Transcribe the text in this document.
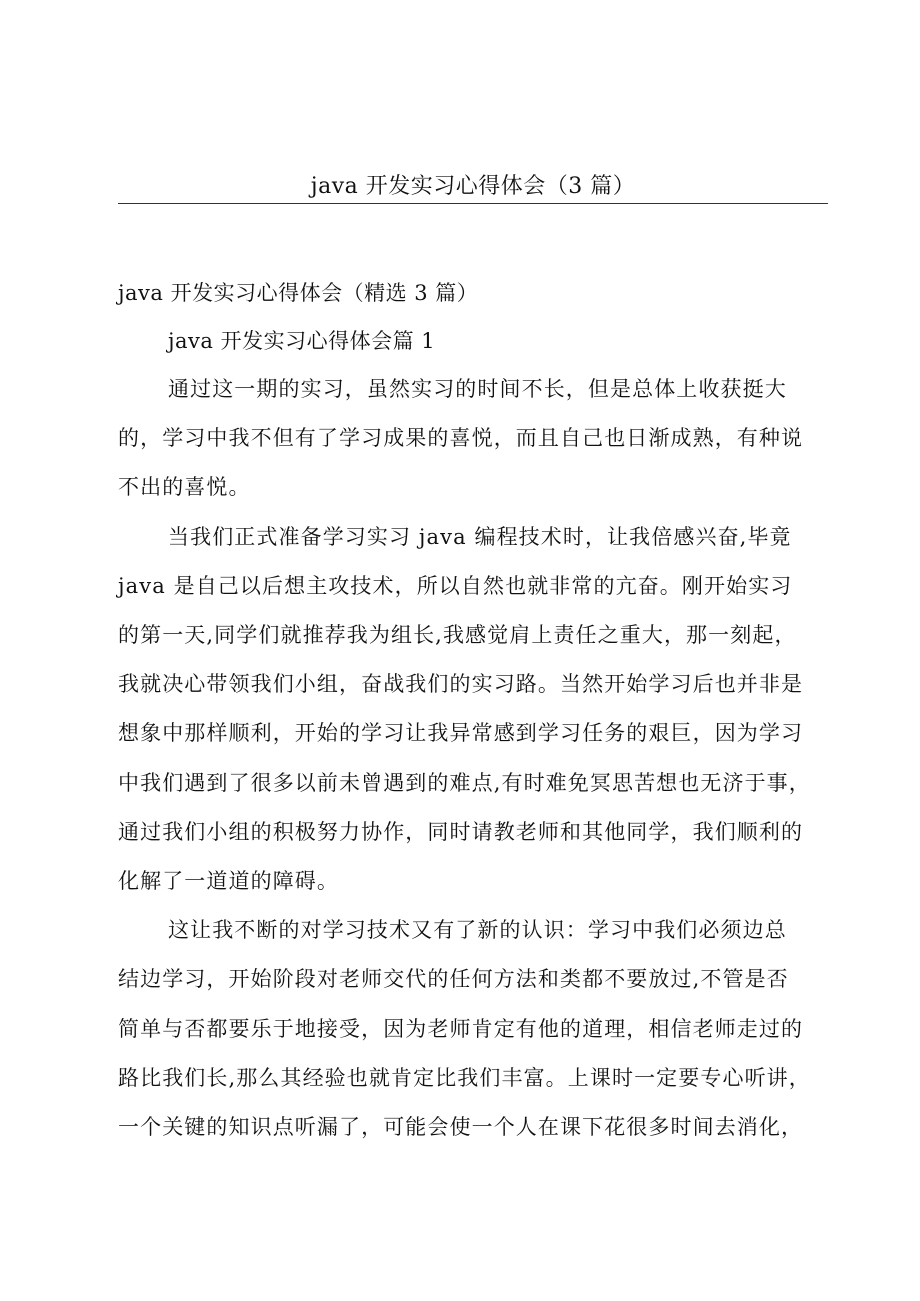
java 开发实习心得体会（3 篇）
java 开发实习心得体会（精选 3 篇）
java 开发实习心得体会篇 1

通过这一期的实习，虽然实习的时间不长，但是总体上收获挺大
的，学习中我不但有了学习成果的喜悦，而且自己也日渐成熟，有种说
不出的喜悦。

当我们正式准备学习实习 java 编程技术时，让我倍感兴奋,毕竟
java 是自己以后想主攻技术，所以自然也就非常的亢奋。刚开始实习
的第一天,同学们就推荐我为组长,我感觉肩上责任之重大，那一刻起，
我就决心带领我们小组，奋战我们的实习路。当然开始学习后也并非是
想象中那样顺利，开始的学习让我异常感到学习任务的艰巨，因为学习
中我们遇到了很多以前未曾遇到的难点,有时难免冥思苦想也无济于事，
通过我们小组的积极努力协作，同时请教老师和其他同学，我们顺利的
化解了一道道的障碍。

这让我不断的对学习技术又有了新的认识：学习中我们必须边总
结边学习，开始阶段对老师交代的任何方法和类都不要放过,不管是否
简单与否都要乐于地接受，因为老师肯定有他的道理，相信老师走过的
路比我们长,那么其经验也就肯定比我们丰富。上课时一定要专心听讲，
一个关键的知识点听漏了，可能会使一个人在课下花很多时间去消化，
